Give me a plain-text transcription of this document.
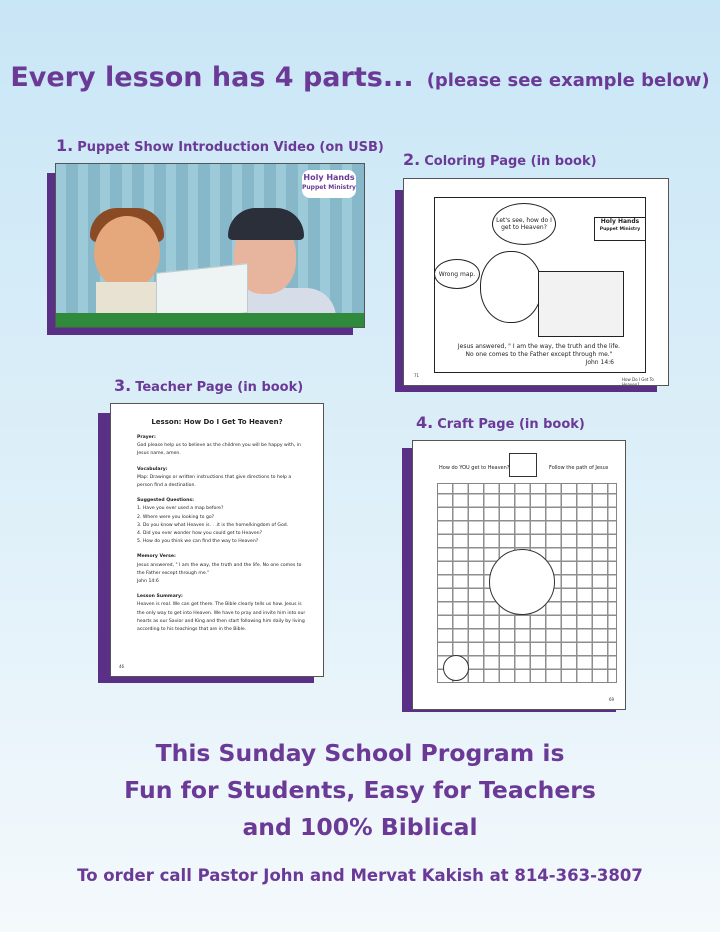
Every lesson has 4 parts... (please see example below)
1. Puppet Show Introduction Video (on USB)
Holy Hands
Puppet Ministry
2. Coloring Page (in book)
Let's see, how do I get to Heaven?
Wrong map.
Holy Hands
Puppet Ministry
Jesus answered, " I am the way, the truth and the life. No one comes to the Father except through me."
John 14:6
71
How Do I Get To Heaven?
3. Teacher Page (in book)
Lesson: How Do I Get To Heaven?
Prayer:
God please help us to believe as the children you will be happy with, in Jesus name, amen.
Vocabulary:
Map: Drawings or written instructions that give directions to help a person find a destination.
Suggested Questions:
1. Have you ever used a map before?
2. Where were you looking to go?
3. Do you know what Heaven is. . .it is the home/kingdom of God.
4. Did you ever wonder how you could get to Heaven?
5. How do you think we can find the way to Heaven?
Memory Verse:
Jesus answered, " I am the way, the truth and the life. No one comes to the Father except through me."
John 14:6
Lesson Summary:
Heaven is real. We can get there. The Bible clearly tells us how. Jesus is the only way to get into Heaven. We have to pray and invite him into our hearts as our Savior and King and then start following him daily by living according to his teachings that are in the Bible.
46
4. Craft Page (in book)
How do YOU get to Heaven?	Follow the path of Jesus
69
This Sunday School Program is
Fun for Students, Easy for Teachers
and 100% Biblical
To order call Pastor John and Mervat Kakish at 814-363-3807
